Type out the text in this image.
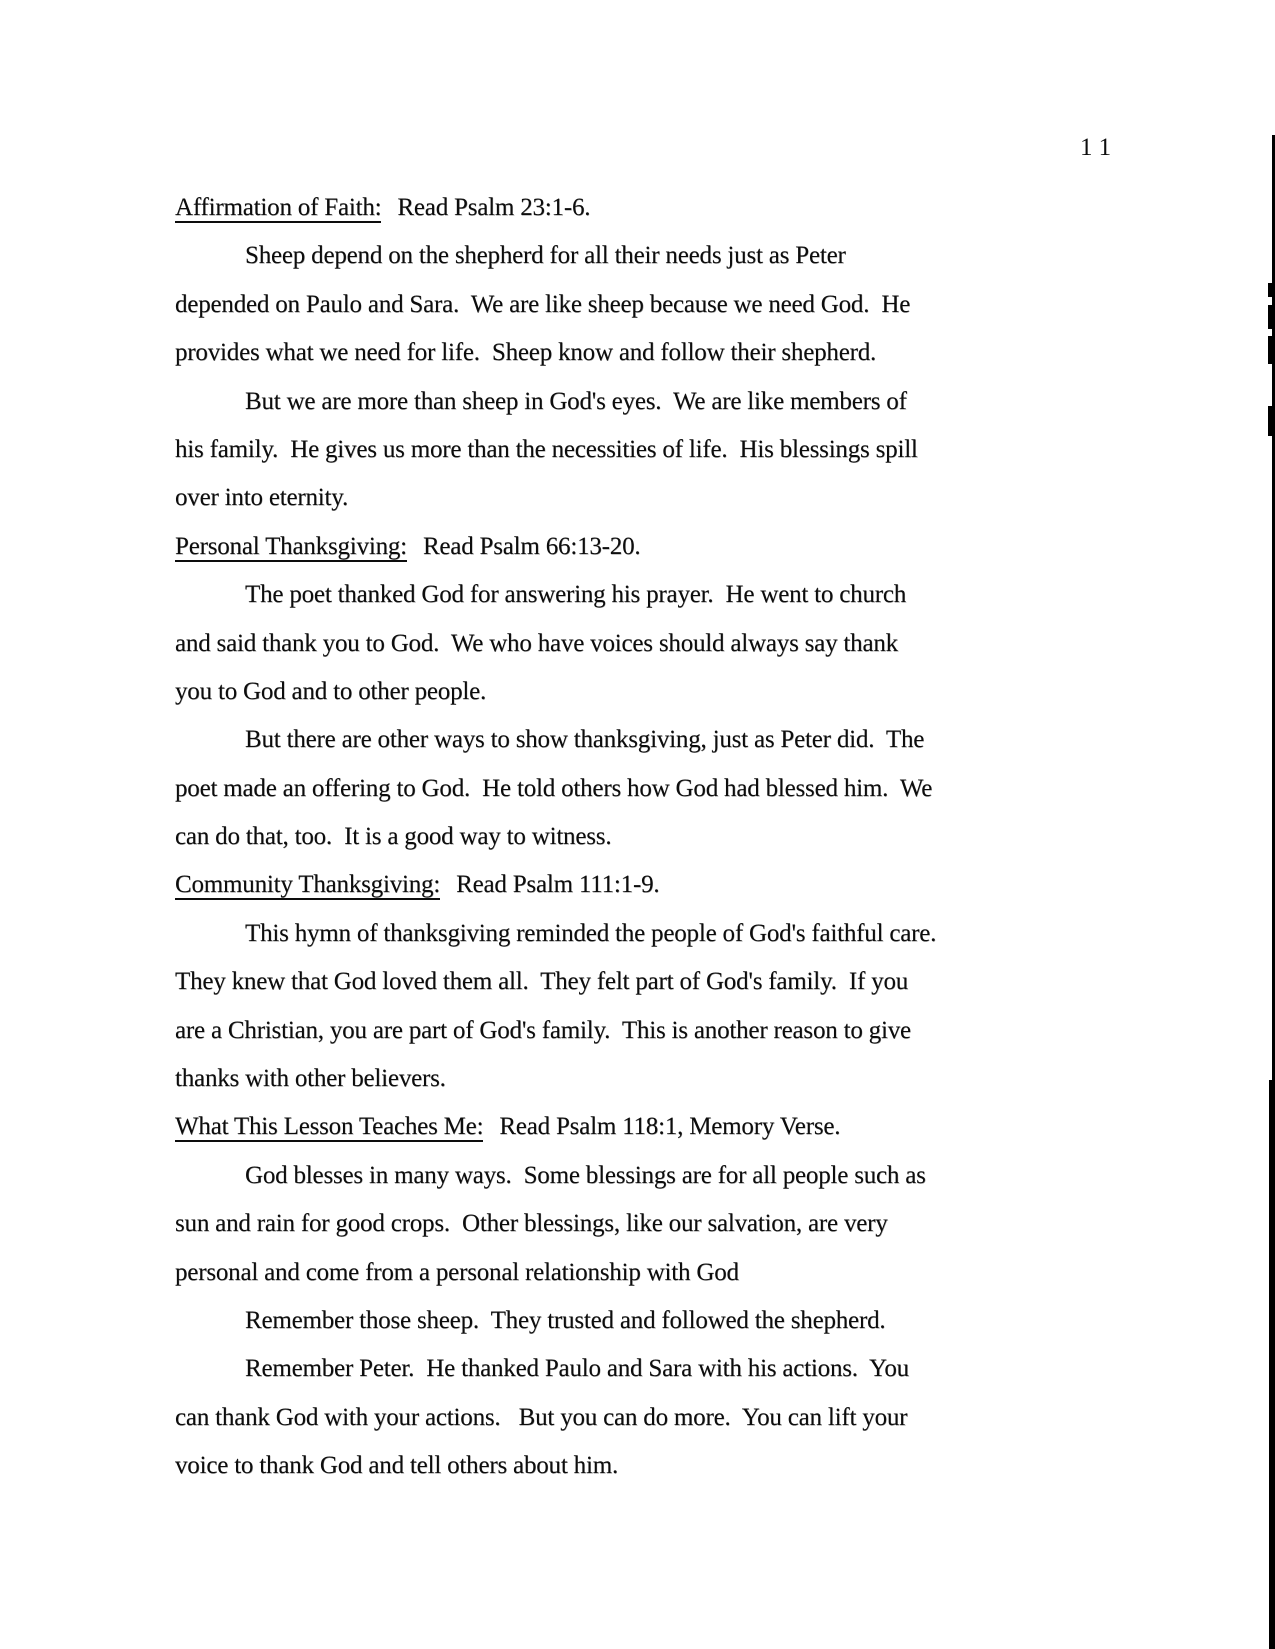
11
Affirmation of Faith: Read Psalm 23:1-6.
Sheep depend on the shepherd for all their needs just as Peter
depended on Paulo and Sara.  We are like sheep because we need God.  He
provides what we need for life.  Sheep know and follow their shepherd.
But we are more than sheep in God's eyes.  We are like members of
his family.  He gives us more than the necessities of life.  His blessings spill
over into eternity.
Personal Thanksgiving: Read Psalm 66:13-20.
The poet thanked God for answering his prayer.  He went to church
and said thank you to God.  We who have voices should always say thank
you to God and to other people.
But there are other ways to show thanksgiving, just as Peter did.  The
poet made an offering to God.  He told others how God had blessed him.  We
can do that, too.  It is a good way to witness.
Community Thanksgiving: Read Psalm 111:1-9.
This hymn of thanksgiving reminded the people of God's faithful care.
They knew that God loved them all.  They felt part of God's family.  If you
are a Christian, you are part of God's family.  This is another reason to give
thanks with other believers.
What This Lesson Teaches Me: Read Psalm 118:1, Memory Verse.
God blesses in many ways.  Some blessings are for all people such as
sun and rain for good crops.  Other blessings, like our salvation, are very
personal and come from a personal relationship with God
Remember those sheep.  They trusted and followed the shepherd.
Remember Peter.  He thanked Paulo and Sara with his actions.  You
can thank God with your actions.   But you can do more.  You can lift your
voice to thank God and tell others about him.
